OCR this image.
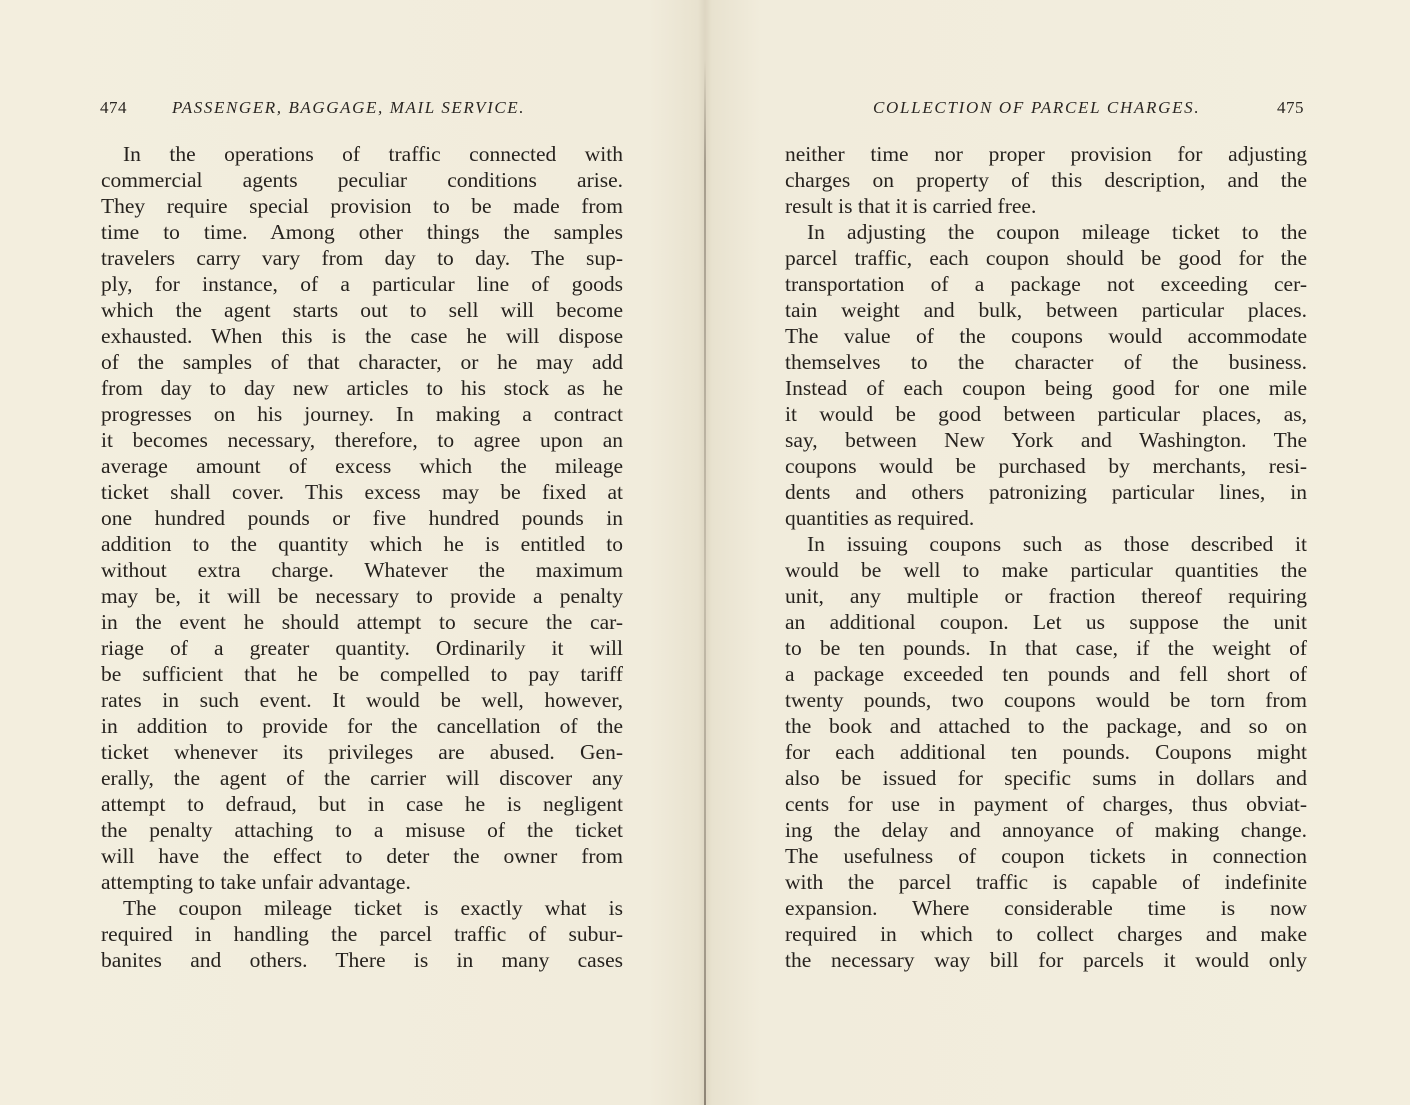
474	PASSENGER, BAGGAGE, MAIL SERVICE.
In the operations of traffic connected with
commercial agents peculiar conditions arise.
They require special provision to be made from
time to time. Among other things the samples
travelers carry vary from day to day. The sup-
ply, for instance, of a particular line of goods
which the agent starts out to sell will become
exhausted. When this is the case he will dispose
of the samples of that character, or he may add
from day to day new articles to his stock as he
progresses on his journey. In making a contract
it becomes necessary, therefore, to agree upon an
average amount of excess which the mileage
ticket shall cover. This excess may be fixed at
one hundred pounds or five hundred pounds in
addition to the quantity which he is entitled to
without extra charge. Whatever the maximum
may be, it will be necessary to provide a penalty
in the event he should attempt to secure the car-
riage of a greater quantity. Ordinarily it will
be sufficient that he be compelled to pay tariff
rates in such event. It would be well, however,
in addition to provide for the cancellation of the
ticket whenever its privileges are abused. Gen-
erally, the agent of the carrier will discover any
attempt to defraud, but in case he is negligent
the penalty attaching to a misuse of the ticket
will have the effect to deter the owner from
attempting to take unfair advantage.
The coupon mileage ticket is exactly what is
required in handling the parcel traffic of subur-
banites and others. There is in many cases
COLLECTION OF PARCEL CHARGES.	475
neither time nor proper provision for adjusting
charges on property of this description, and the
result is that it is carried free.
In adjusting the coupon mileage ticket to the
parcel traffic, each coupon should be good for the
transportation of a package not exceeding cer-
tain weight and bulk, between particular places.
The value of the coupons would accommodate
themselves to the character of the business.
Instead of each coupon being good for one mile
it would be good between particular places, as,
say, between New York and Washington. The
coupons would be purchased by merchants, resi-
dents and others patronizing particular lines, in
quantities as required.
In issuing coupons such as those described it
would be well to make particular quantities the
unit, any multiple or fraction thereof requiring
an additional coupon. Let us suppose the unit
to be ten pounds. In that case, if the weight of
a package exceeded ten pounds and fell short of
twenty pounds, two coupons would be torn from
the book and attached to the package, and so on
for each additional ten pounds. Coupons might
also be issued for specific sums in dollars and
cents for use in payment of charges, thus obviat-
ing the delay and annoyance of making change.
The usefulness of coupon tickets in connection
with the parcel traffic is capable of indefinite
expansion. Where considerable time is now
required in which to collect charges and make
the necessary way bill for parcels it would only
